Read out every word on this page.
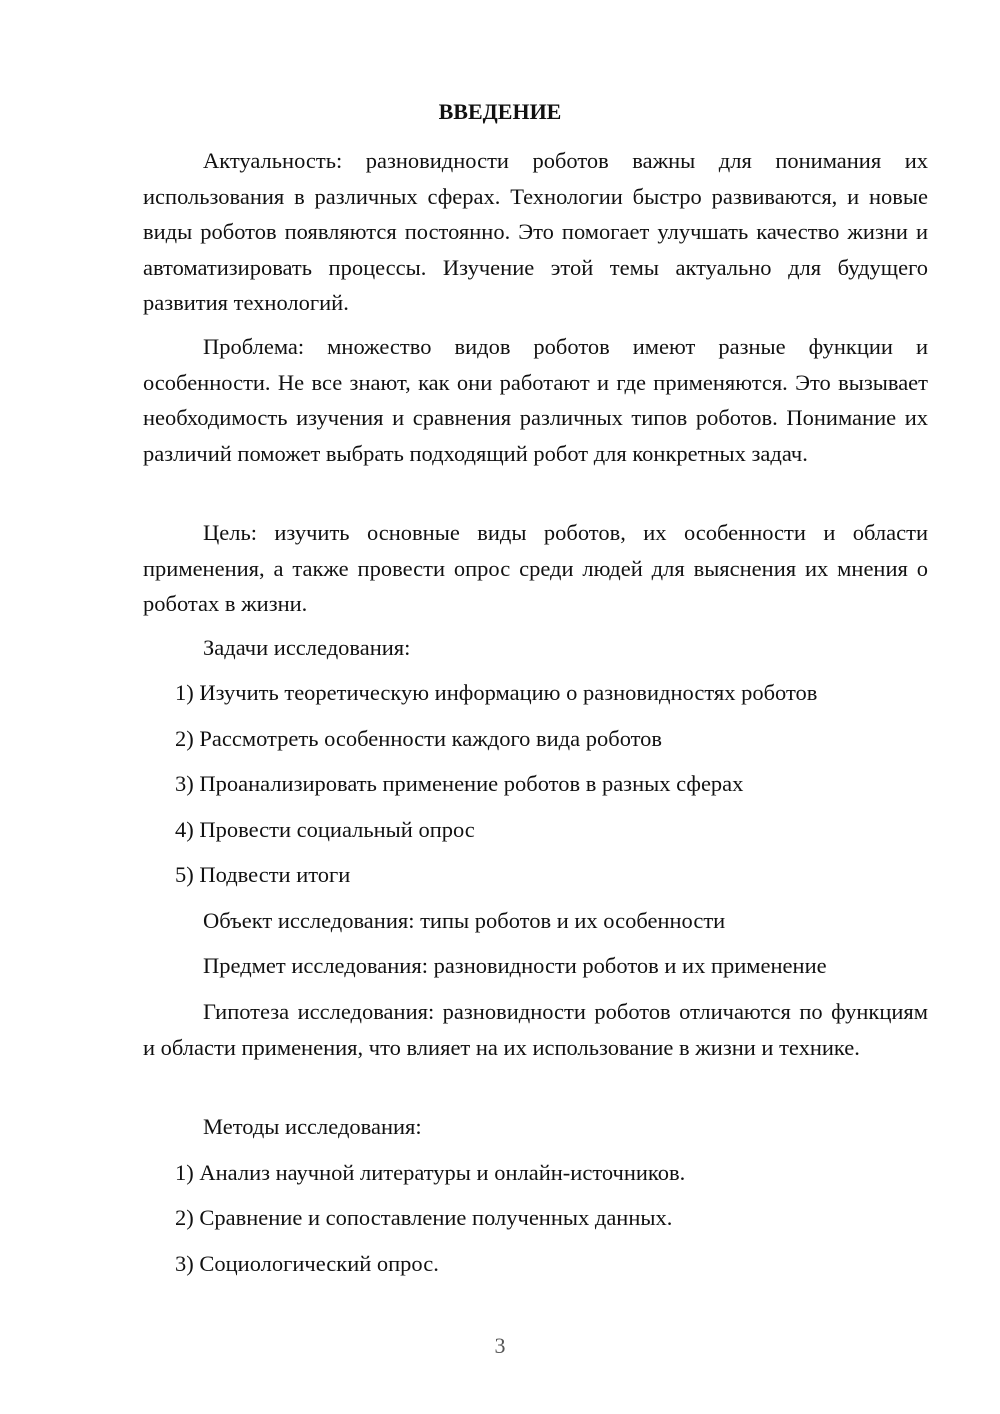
ВВЕДЕНИЕ

Актуальность: разновидности роботов важны для понимания их использования в различных сферах. Технологии быстро развиваются, и новые виды роботов появляются постоянно. Это помогает улучшать качество жизни и автоматизировать процессы. Изучение этой темы актуально для будущего развития технологий.

Проблема: множество видов роботов имеют разные функции и особенности. Не все знают, как они работают и где применяются. Это вызывает необходимость изучения и сравнения различных типов роботов. Понимание их различий поможет выбрать подходящий робот для конкретных задач.

Цель: изучить основные виды роботов, их особенности и области применения, а также провести опрос среди людей для выяснения их мнения о роботах в жизни.

Задачи исследования:

1) Изучить теоретическую информацию о разновидностях роботов

2) Рассмотреть особенности каждого вида роботов

3) Проанализировать применение роботов в разных сферах

4) Провести социальный опрос

5) Подвести итоги

Объект исследования: типы роботов и их особенности

Предмет исследования: разновидности роботов и их применение

Гипотеза исследования: разновидности роботов отличаются по функциям и области применения, что влияет на их использование в жизни и технике.

Методы исследования:

1) Анализ научной литературы и онлайн-источников.

2) Сравнение и сопоставление полученных данных.

3) Социологический опрос.

3
